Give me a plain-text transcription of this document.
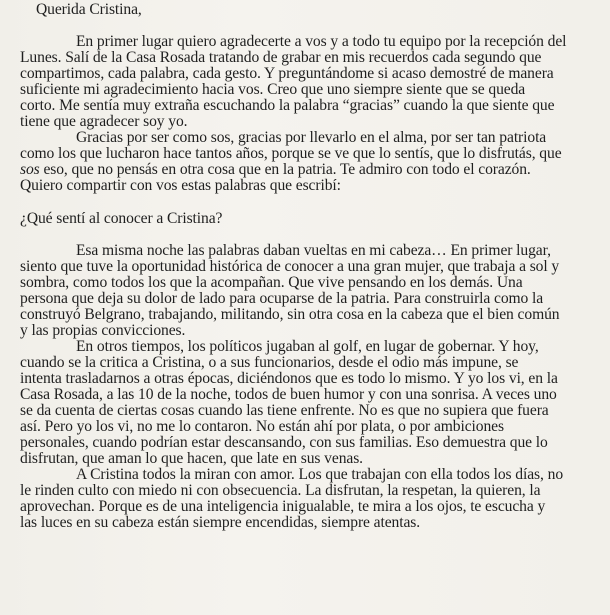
Querida Cristina,
En primer lugar quiero agradecerte a vos y a todo tu equipo por la recepción del
Lunes. Salí de la Casa Rosada tratando de grabar en mis recuerdos cada segundo que
compartimos, cada palabra, cada gesto. Y preguntándome si acaso demostré de manera
suficiente mi agradecimiento hacia vos. Creo que uno siempre siente que se queda
corto. Me sentía muy extraña escuchando la palabra “gracias” cuando la que siente que
tiene que agradecer soy yo.
Gracias por ser como sos, gracias por llevarlo en el alma, por ser tan patriota
como los que lucharon hace tantos años, porque se ve que lo sentís, que lo disfrutás, que
sos eso, que no pensás en otra cosa que en la patria. Te admiro con todo el corazón.
Quiero compartir con vos estas palabras que escribí:
¿Qué sentí al conocer a Cristina?
Esa misma noche las palabras daban vueltas en mi cabeza… En primer lugar,
siento que tuve la oportunidad histórica de conocer a una gran mujer, que trabaja a sol y
sombra, como todos los que la acompañan. Que vive pensando en los demás. Una
persona que deja su dolor de lado para ocuparse de la patria. Para construirla como la
construyó Belgrano, trabajando, militando, sin otra cosa en la cabeza que el bien común
y las propias convicciones.
En otros tiempos, los políticos jugaban al golf, en lugar de gobernar. Y hoy,
cuando se la critica a Cristina, o a sus funcionarios, desde el odio más impune, se
intenta trasladarnos a otras épocas, diciéndonos que es todo lo mismo. Y yo los vi, en la
Casa Rosada, a las 10 de la noche, todos de buen humor y con una sonrisa. A veces uno
se da cuenta de ciertas cosas cuando las tiene enfrente. No es que no supiera que fuera
así. Pero yo los vi, no me lo contaron. No están ahí por plata, o por ambiciones
personales, cuando podrían estar descansando, con sus familias. Eso demuestra que lo
disfrutan, que aman lo que hacen, que late en sus venas.
A Cristina todos la miran con amor. Los que trabajan con ella todos los días, no
le rinden culto con miedo ni con obsecuencia. La disfrutan, la respetan, la quieren, la
aprovechan. Porque es de una inteligencia inigualable, te mira a los ojos, te escucha y
las luces en su cabeza están siempre encendidas, siempre atentas.
